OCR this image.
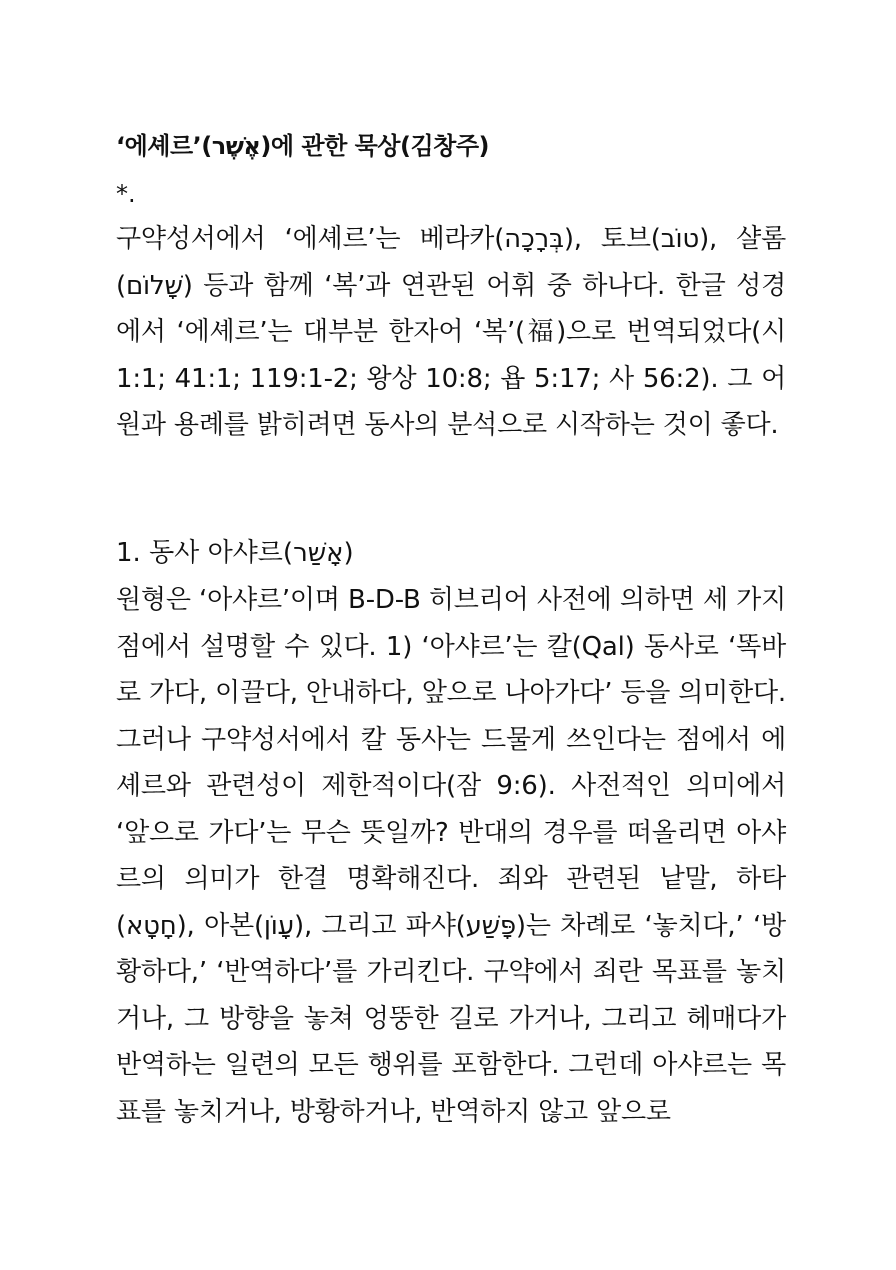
‘에셰르’(אֶשֶׁר)에 관한 묵상(김창주)
*.
구약성서에서 ‘에셰르’는 베라카(בְּרָכָה), 토브(טוֹב), 샬롬(שָׁלוֹם) 등과 함께 ‘복’과 연관된 어휘 중 하나다. 한글 성경에서 ‘에셰르’는 대부분 한자어 ‘복’(福)으로 번역되었다(시 1:1; 41:1; 119:1-2; 왕상 10:8; 욥 5:17; 사 56:2). 그 어원과 용례를 밝히려면 동사의 분석으로 시작하는 것이 좋다.
1. 동사 아샤르(אָשַׁר)
원형은 ‘아샤르’이며 B-D-B 히브리어 사전에 의하면 세 가지 점에서 설명할 수 있다. 1) ‘아샤르’는 칼(Qal) 동사로 ‘똑바로 가다, 이끌다, 안내하다, 앞으로 나아가다’ 등을 의미한다. 그러나 구약성서에서 칼 동사는 드물게 쓰인다는 점에서 에셰르와 관련성이 제한적이다(잠 9:6). 사전적인 의미에서 ‘앞으로 가다’는 무슨 뜻일까? 반대의 경우를 떠올리면 아샤르의 의미가 한결 명확해진다. 죄와 관련된 낱말, 하타(חָטָא), 아본(עָוֹן), 그리고 파샤(פָּשַׁע)는 차례로 ‘놓치다,’ ‘방황하다,’ ‘반역하다’를 가리킨다. 구약에서 죄란 목표를 놓치거나, 그 방향을 놓쳐 엉뚱한 길로 가거나, 그리고 헤매다가 반역하는 일련의 모든 행위를 포함한다. 그런데 아샤르는 목표를 놓치거나, 방황하거나, 반역하지 않고 앞으로
